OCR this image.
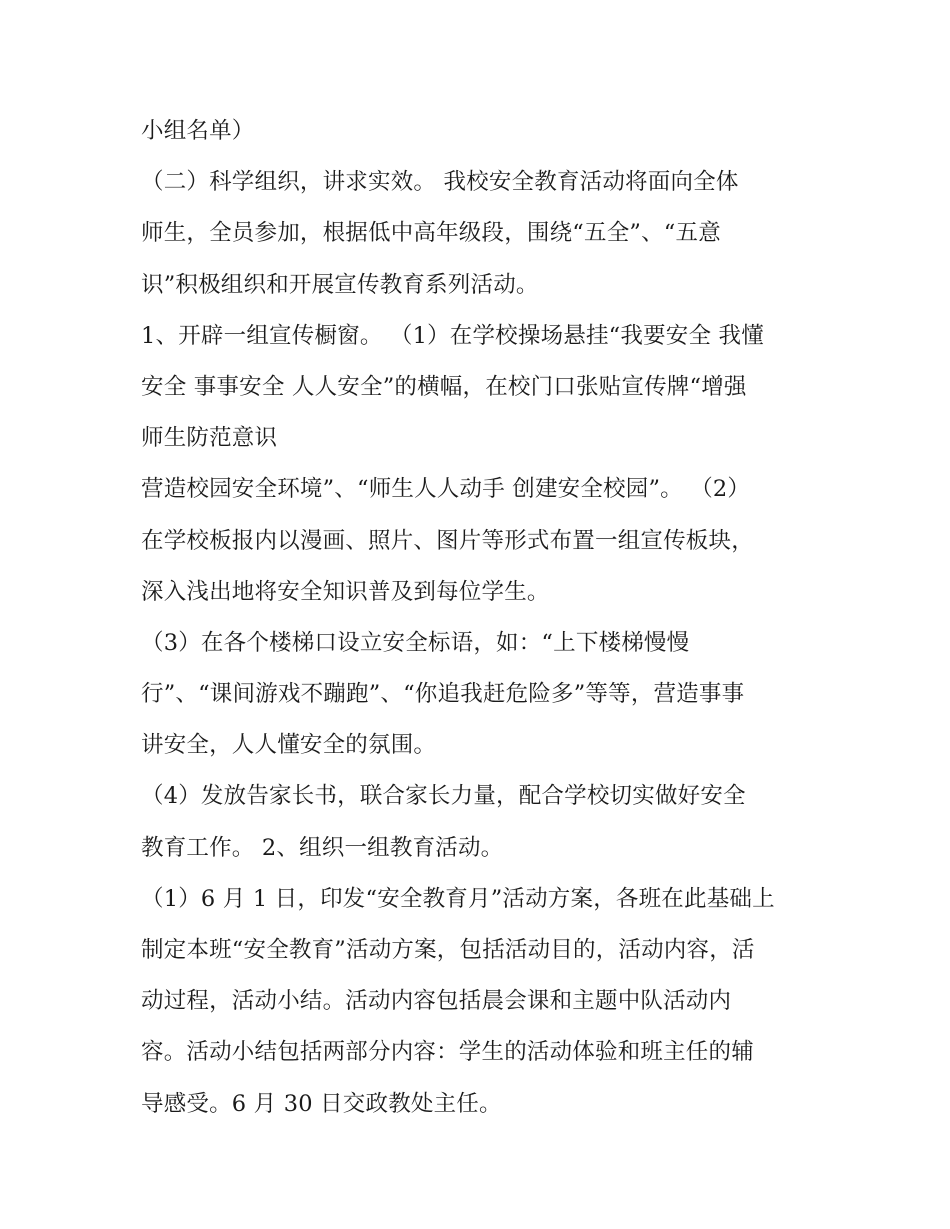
小组名单）
（二）科学组织，讲求实效。 我校安全教育活动将面向全体
师生，全员参加，根据低中高年级段，围绕“五全”、“五意
识”积极组织和开展宣传教育系列活动。
1、开辟一组宣传橱窗。 （1）在学校操场悬挂“我要安全 我懂
安全 事事安全 人人安全”的横幅，在校门口张贴宣传牌“增强
师生防范意识
营造校园安全环境”、“师生人人动手 创建安全校园”。 （2）
在学校板报内以漫画、照片、图片等形式布置一组宣传板块，
深入浅出地将安全知识普及到每位学生。
（3）在各个楼梯口设立安全标语，如：“上下楼梯慢慢
行”、“课间游戏不蹦跑”、“你追我赶危险多”等等，营造事事
讲安全，人人懂安全的氛围。
（4）发放告家长书，联合家长力量，配合学校切实做好安全
教育工作。 2、组织一组教育活动。
（1）6 月 1 日，印发“安全教育月”活动方案，各班在此基础上
制定本班“安全教育”活动方案，包括活动目的，活动内容，活
动过程，活动小结。活动内容包括晨会课和主题中队活动内
容。活动小结包括两部分内容：学生的活动体验和班主任的辅
导感受。6 月 30 日交政教处主任。
